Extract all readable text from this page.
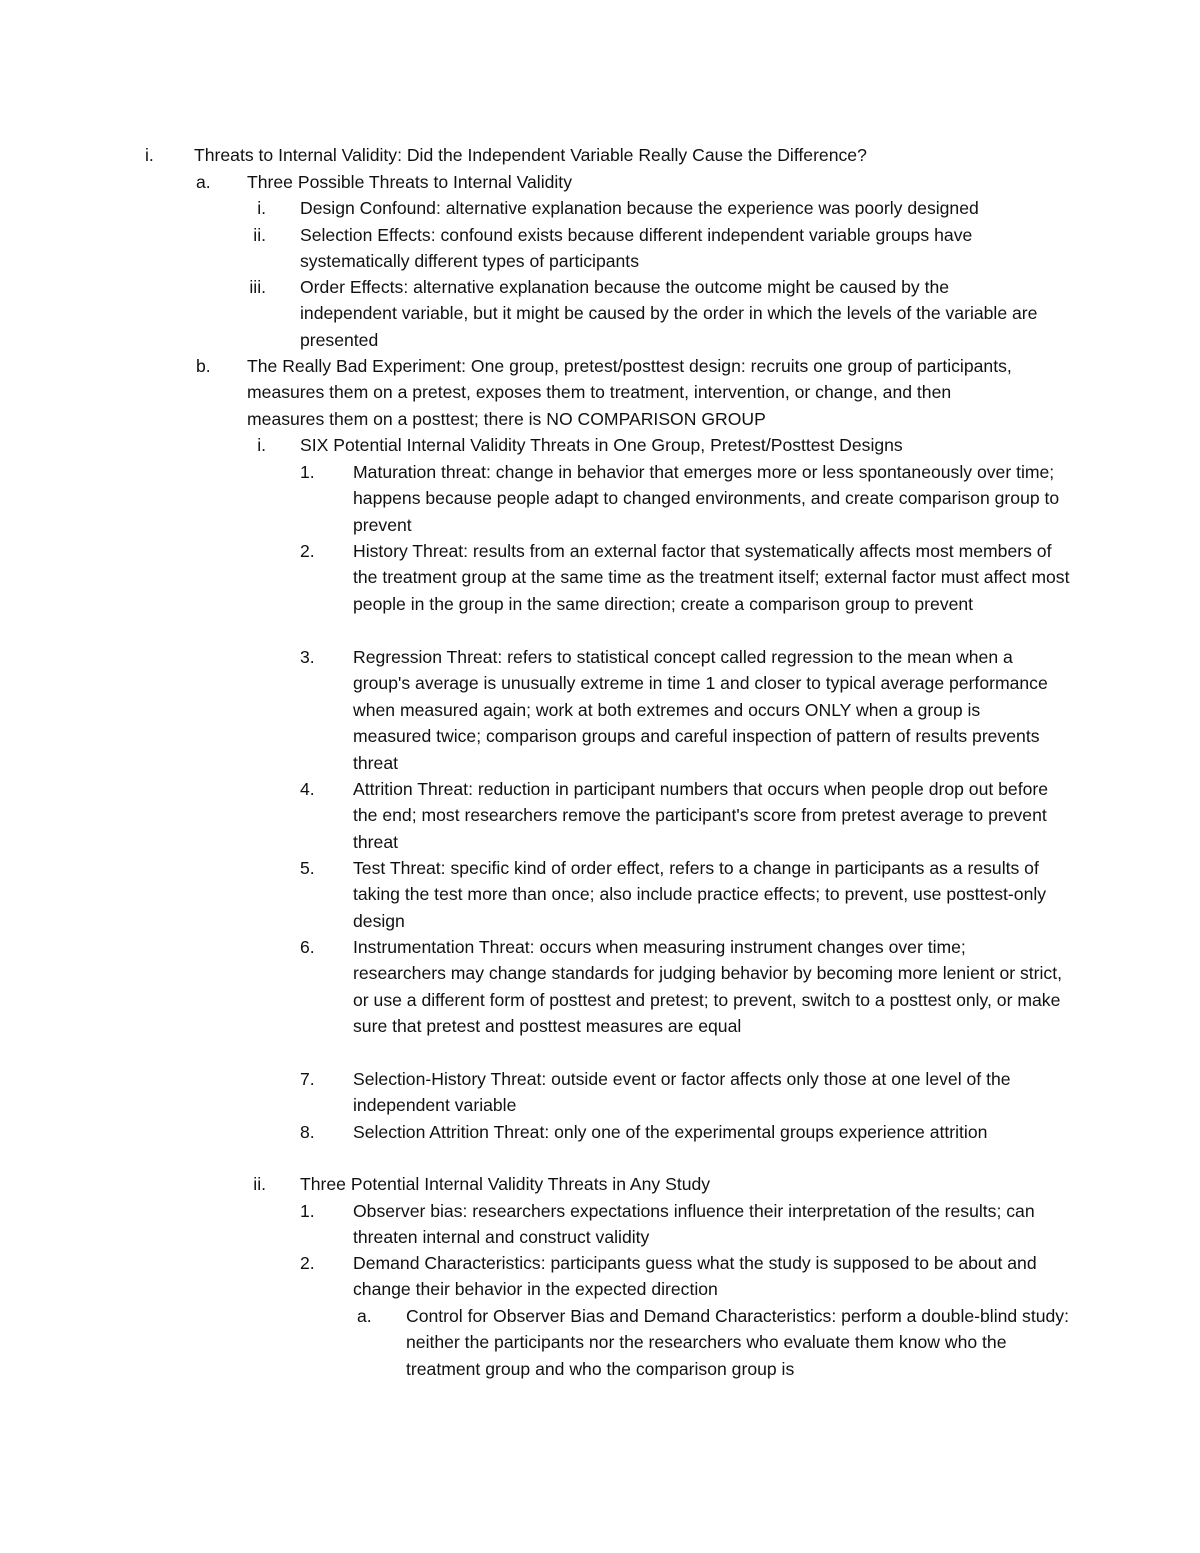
i. Threats to Internal Validity: Did the Independent Variable Really Cause the Difference?
a. Three Possible Threats to Internal Validity
i. Design Confound: alternative explanation because the experience was poorly designed
ii. Selection Effects: confound exists because different independent variable groups have systematically different types of participants
iii. Order Effects: alternative explanation because the outcome might be caused by the independent variable, but it might be caused by the order in which the levels of the variable are presented
b. The Really Bad Experiment: One group, pretest/posttest design: recruits one group of participants, measures them on a pretest, exposes them to treatment, intervention, or change, and then measures them on a posttest; there is NO COMPARISON GROUP
i. SIX Potential Internal Validity Threats in One Group, Pretest/Posttest Designs
1. Maturation threat: change in behavior that emerges more or less spontaneously over time; happens because people adapt to changed environments, and create comparison group to prevent
2. History Threat: results from an external factor that systematically affects most members of the treatment group at the same time as the treatment itself; external factor must affect most people in the group in the same direction; create a comparison group to prevent
3. Regression Threat: refers to statistical concept called regression to the mean when a group's average is unusually extreme in time 1 and closer to typical average performance when measured again; work at both extremes and occurs ONLY when a group is measured twice; comparison groups and careful inspection of pattern of results prevents threat
4. Attrition Threat: reduction in participant numbers that occurs when people drop out before the end; most researchers remove the participant's score from pretest average to prevent threat
5. Test Threat: specific kind of order effect, refers to a change in participants as a results of taking the test more than once; also include practice effects; to prevent, use posttest-only design
6. Instrumentation Threat: occurs when measuring instrument changes over time; researchers may change standards for judging behavior by becoming more lenient or strict, or use a different form of posttest and pretest; to prevent, switch to a posttest only, or make sure that pretest and posttest measures are equal
7. Selection-History Threat: outside event or factor affects only those at one level of the independent variable
8. Selection Attrition Threat: only one of the experimental groups experience attrition
ii. Three Potential Internal Validity Threats in Any Study
1. Observer bias: researchers expectations influence their interpretation of the results; can threaten internal and construct validity
2. Demand Characteristics: participants guess what the study is supposed to be about and change their behavior in the expected direction
a. Control for Observer Bias and Demand Characteristics: perform a double-blind study: neither the participants nor the researchers who evaluate them know who the treatment group and who the comparison group is
